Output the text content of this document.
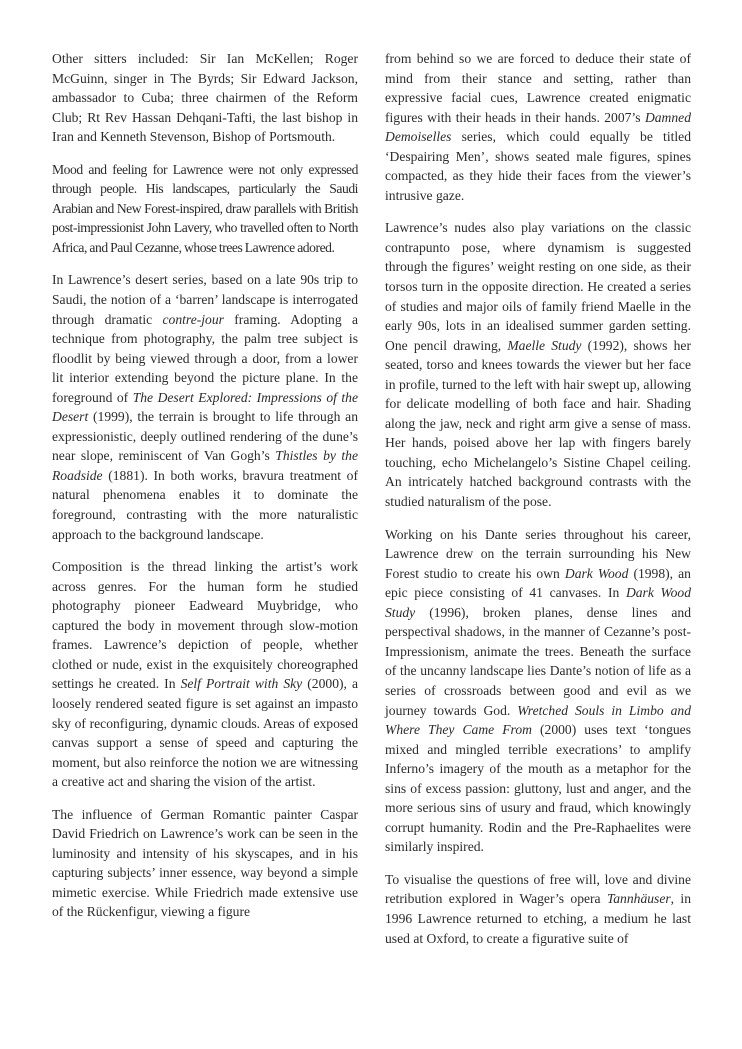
Other sitters included: Sir Ian McKellen; Roger McGuinn, singer in The Byrds; Sir Edward Jackson, ambassador to Cuba; three chairmen of the Reform Club; Rt Rev Hassan Dehqani-Tafti, the last bishop in Iran and Kenneth Stevenson, Bishop of Portsmouth.

Mood and feeling for Lawrence were not only expressed through people. His landscapes, particularly the Saudi Arabian and New Forest-inspired, draw parallels with British post-impressionist John Lavery, who travelled often to North Africa, and Paul Cezanne, whose trees Lawrence adored.

In Lawrence’s desert series, based on a late 90s trip to Saudi, the notion of a ‘barren’ landscape is interrogated through dramatic contre-jour framing. Adopting a technique from photography, the palm tree subject is floodlit by being viewed through a door, from a lower lit interior extending beyond the picture plane. In the foreground of The Desert Explored: Impressions of the Desert (1999), the terrain is brought to life through an expressionistic, deeply outlined rendering of the dune’s near slope, reminiscent of Van Gogh’s Thistles by the Roadside (1881). In both works, bravura treatment of natural phenomena enables it to dominate the foreground, contrasting with the more naturalistic approach to the background landscape.

Composition is the thread linking the artist’s work across genres. For the human form he studied photography pioneer Eadweard Muybridge, who captured the body in movement through slow-motion frames. Lawrence’s depiction of people, whether clothed or nude, exist in the exquisitely choreographed settings he created. In Self Portrait with Sky (2000), a loosely rendered seated figure is set against an impasto sky of reconfiguring, dynamic clouds. Areas of exposed canvas support a sense of speed and capturing the moment, but also reinforce the notion we are witnessing a creative act and sharing the vision of the artist.

The influence of German Romantic painter Caspar David Friedrich on Lawrence’s work can be seen in the luminosity and intensity of his skyscapes, and in his capturing subjects’ inner essence, way beyond a simple mimetic exercise. While Friedrich made extensive use of the Rückenfigur, viewing a figure

from behind so we are forced to deduce their state of mind from their stance and setting, rather than expressive facial cues, Lawrence created enigmatic figures with their heads in their hands. 2007’s Damned Demoiselles series, which could equally be titled ‘Despairing Men’, shows seated male figures, spines compacted, as they hide their faces from the viewer’s intrusive gaze.

Lawrence’s nudes also play variations on the classic contrapunto pose, where dynamism is suggested through the figures’ weight resting on one side, as their torsos turn in the opposite direction. He created a series of studies and major oils of family friend Maelle in the early 90s, lots in an idealised summer garden setting. One pencil drawing, Maelle Study (1992), shows her seated, torso and knees towards the viewer but her face in profile, turned to the left with hair swept up, allowing for delicate modelling of both face and hair. Shading along the jaw, neck and right arm give a sense of mass. Her hands, poised above her lap with fingers barely touching, echo Michelangelo’s Sistine Chapel ceiling. An intricately hatched background contrasts with the studied naturalism of the pose.

Working on his Dante series throughout his career, Lawrence drew on the terrain surrounding his New Forest studio to create his own Dark Wood (1998), an epic piece consisting of 41 canvases. In Dark Wood Study (1996), broken planes, dense lines and perspectival shadows, in the manner of Cezanne’s post-Impressionism, animate the trees. Beneath the surface of the uncanny landscape lies Dante’s notion of life as a series of crossroads between good and evil as we journey towards God. Wretched Souls in Limbo and Where They Came From (2000) uses text ‘tongues mixed and mingled terrible execrations’ to amplify Inferno’s imagery of the mouth as a metaphor for the sins of excess passion: gluttony, lust and anger, and the more serious sins of usury and fraud, which knowingly corrupt humanity. Rodin and the Pre-Raphaelites were similarly inspired.

To visualise the questions of free will, love and divine retribution explored in Wager’s opera Tannhäuser, in 1996 Lawrence returned to etching, a medium he last used at Oxford, to create a figurative suite of
